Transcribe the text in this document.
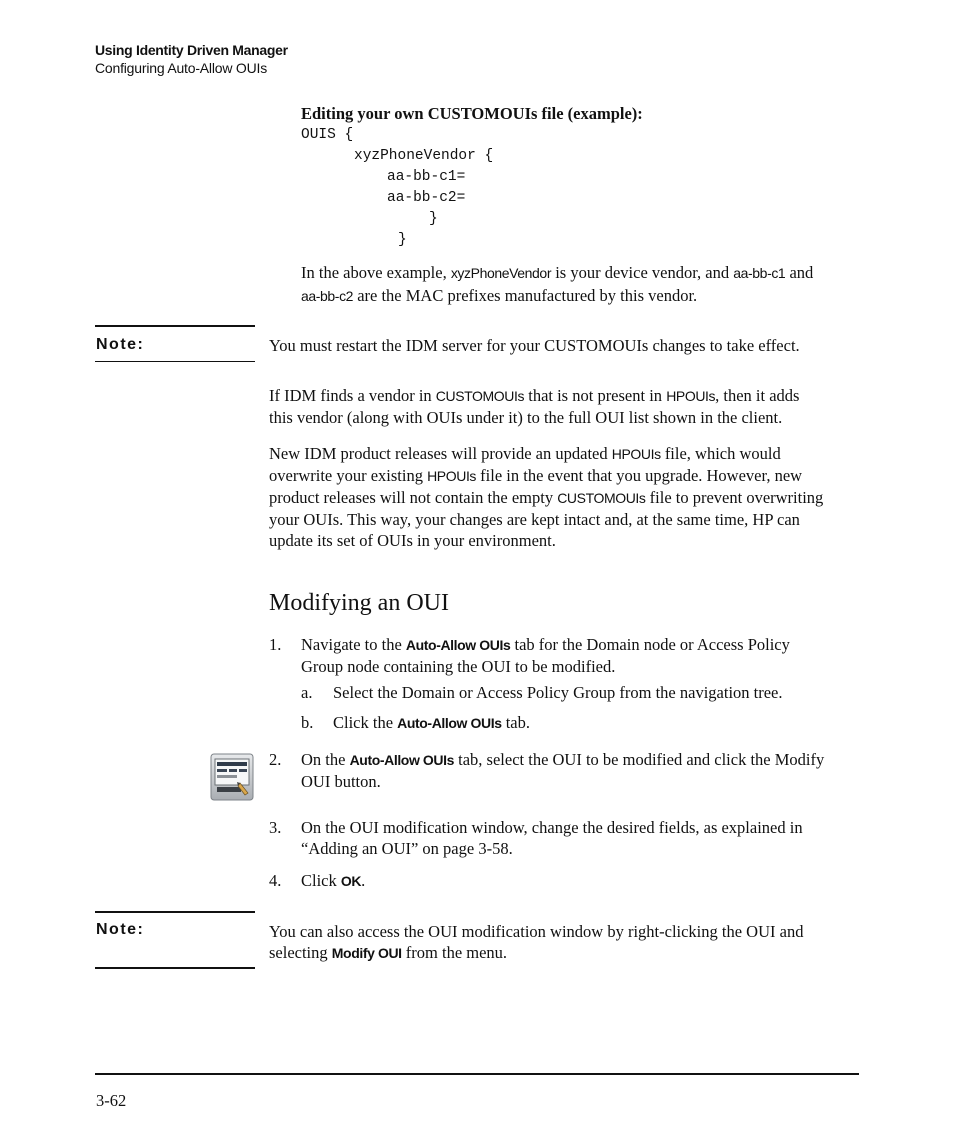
Using Identity Driven Manager
Configuring Auto-Allow OUIs
Editing your own CUSTOMOUIs file (example):
OUIS {
xyzPhoneVendor {
aa-bb-c1=
aa-bb-c2=
}
}
In the above example, xyzPhoneVendor is your device vendor, and aa-bb-c1 and
aa-bb-c2 are the MAC prefixes manufactured by this vendor.
Note:	You must restart the IDM server for your CUSTOMOUIs changes to take effect.
If IDM finds a vendor in CUSTOMOUIs that is not present in HPOUIs, then it adds
this vendor (along with OUIs under it) to the full OUI list shown in the client.
New IDM product releases will provide an updated HPOUIs file, which would
overwrite your existing HPOUIs file in the event that you upgrade. However, new
product releases will not contain the empty CUSTOMOUIs file to prevent overwriting
your OUIs. This way, your changes are kept intact and, at the same time, HP can
update its set of OUIs in your environment.
Modifying an OUI
1. Navigate to the Auto-Allow OUIs tab for the Domain node or Access Policy
Group node containing the OUI to be modified.
a. Select the Domain or Access Policy Group from the navigation tree.
b. Click the Auto-Allow OUIs tab.
2. On the Auto-Allow OUIs tab, select the OUI to be modified and click the Modify
OUI button.
3. On the OUI modification window, change the desired fields, as explained in
“Adding an OUI” on page 3-58.
4. Click OK.
Note:	You can also access the OUI modification window by right-clicking the OUI and
selecting Modify OUI from the menu.
3-62
